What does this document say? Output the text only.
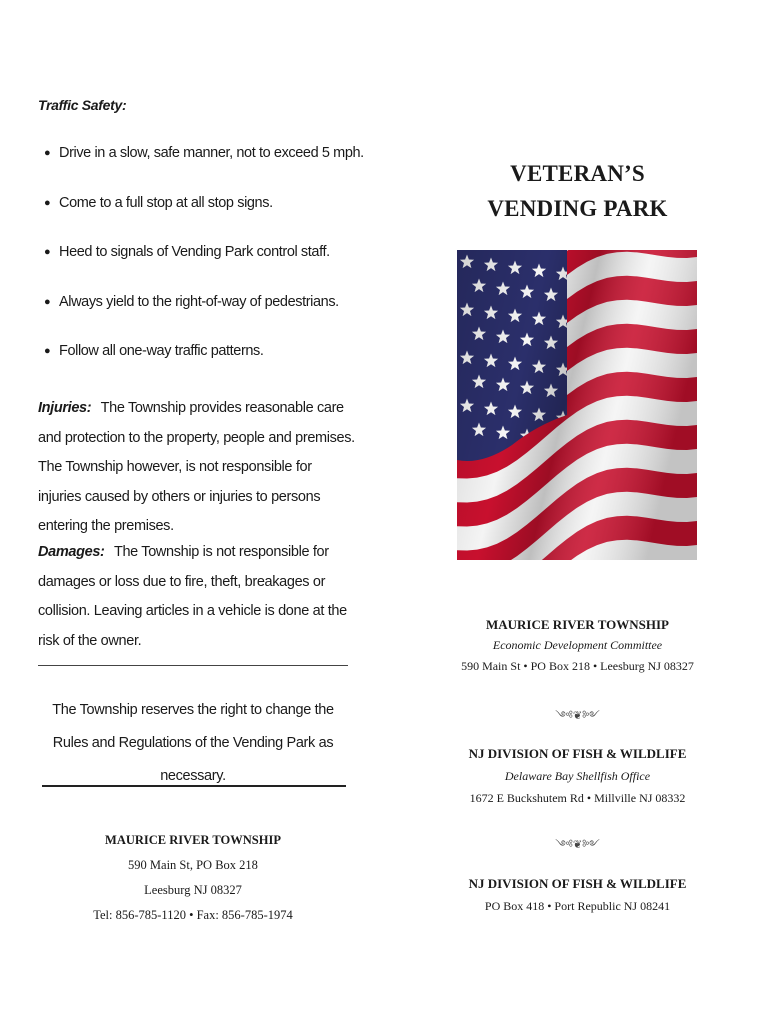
Traffic Safety:
● Drive in a slow, safe manner, not to exceed 5 mph.
● Come to a full stop at all stop signs.
● Heed to signals of Vending Park control staff.
● Always yield to the right-of-way of pedestrians.
● Follow all one-way traffic patterns.
Injuries: The Township provides reasonable care and protection to the property, people and premises. The Township however, is not responsible for injuries caused by others or injuries to persons entering the premises.
Damages: The Township is not responsible for damages or loss due to fire, theft, breakages or collision. Leaving articles in a vehicle is done at the risk of the owner.
The Township reserves the right to change the
Rules and Regulations of the Vending Park as necessary.
MAURICE RIVER TOWNSHIP
590 Main St, PO Box 218
Leesburg NJ 08327
Tel: 856-785-1120 • Fax: 856-785-1974
VETERAN’S
VENDING PARK
MAURICE RIVER TOWNSHIP
Economic Development Committee
590 Main St • PO Box 218 • Leesburg NJ 08327
༺❦༻
NJ DIVISION OF FISH & WILDLIFE
Delaware Bay Shellfish Office
1672 E Buckshutem Rd • Millville NJ 08332
༺❦༻
NJ DIVISION OF FISH & WILDLIFE
PO Box 418 • Port Republic NJ 08241
